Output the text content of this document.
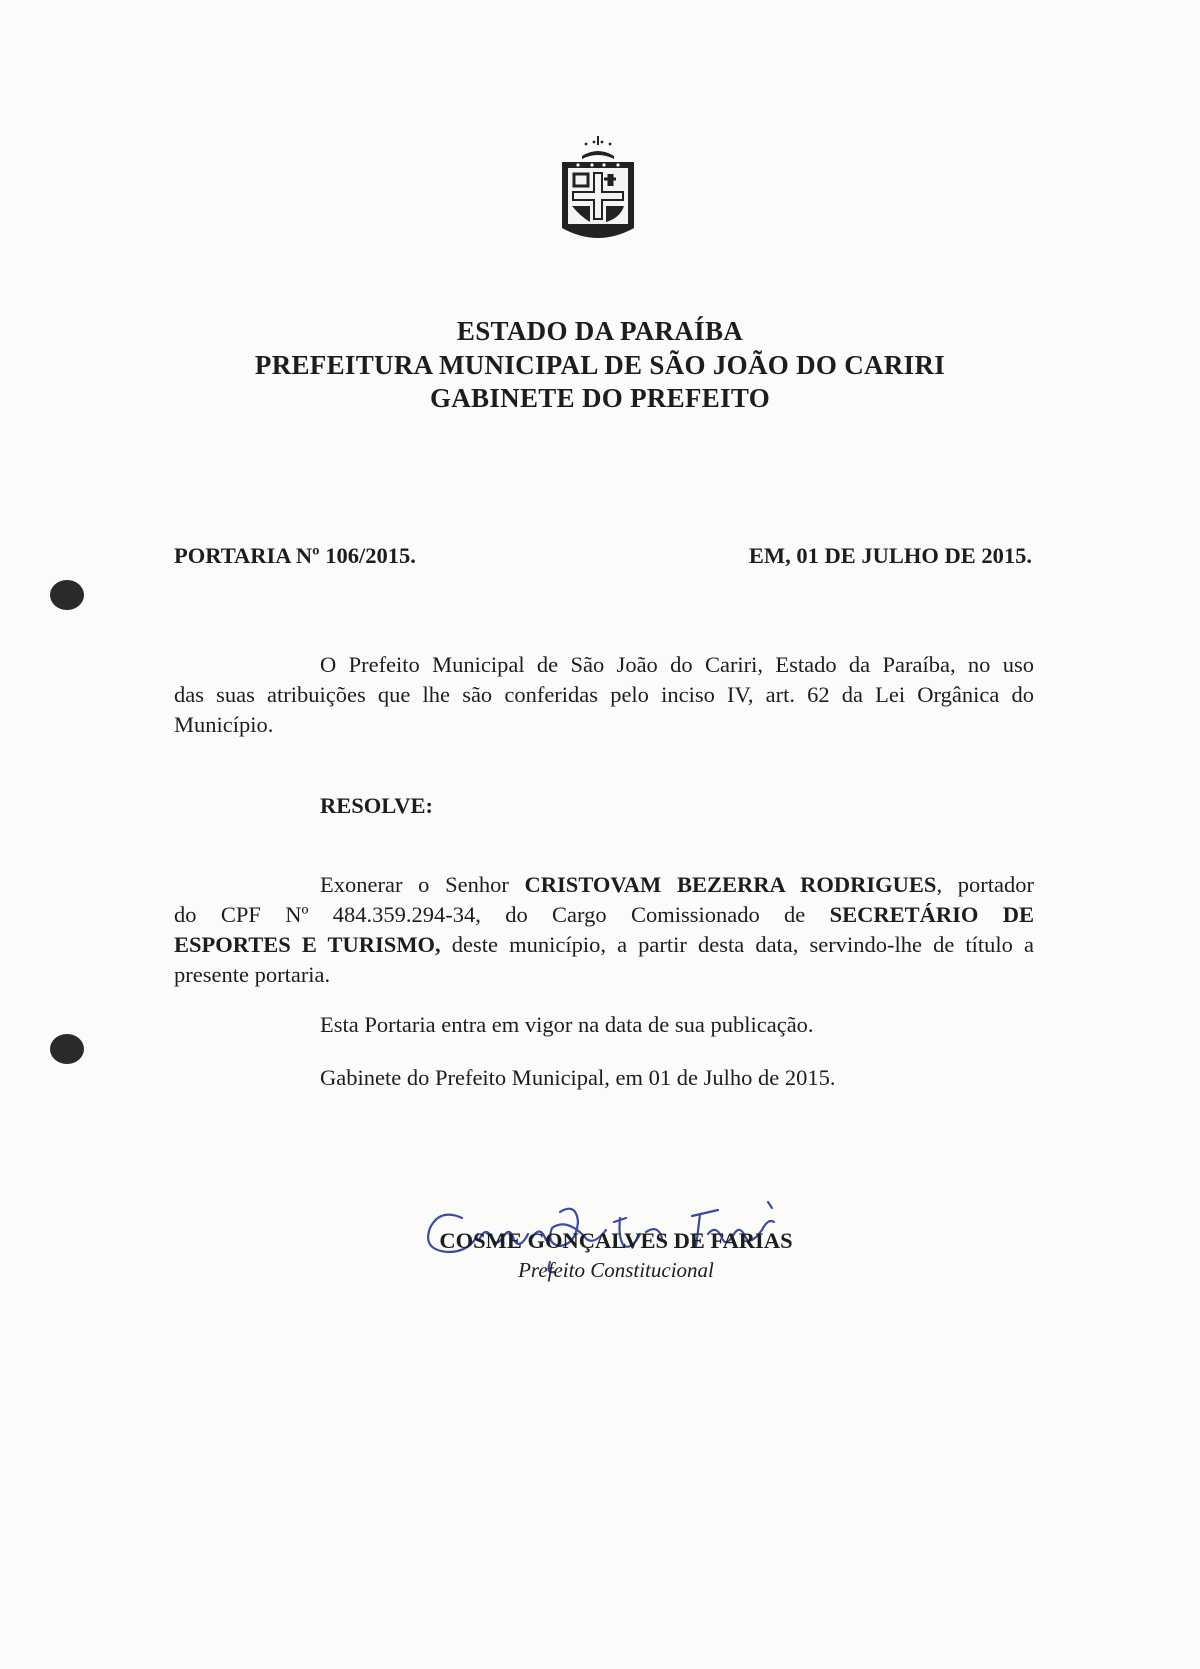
ESTADO DA PARAÍBA
PREFEITURA MUNICIPAL DE SÃO JOÃO DO CARIRI
GABINETE DO PREFEITO
PORTARIA Nº 106/2015.	EM, 01 DE JULHO DE 2015.
O Prefeito Municipal de São João do Cariri, Estado da Paraíba, no uso
das suas atribuições que lhe são conferidas pelo inciso IV, art. 62 da Lei Orgânica do
Município.
RESOLVE:
Exonerar o Senhor CRISTOVAM BEZERRA RODRIGUES, portador
do CPF Nº 484.359.294-34, do Cargo Comissionado de SECRETÁRIO DE
ESPORTES E TURISMO, deste município, a partir desta data, servindo-lhe de título a
presente portaria.
Esta Portaria entra em vigor na data de sua publicação.
Gabinete do Prefeito Municipal, em 01 de Julho de 2015.
COSME GONÇALVES DE FARIAS
Prefeito Constitucional
